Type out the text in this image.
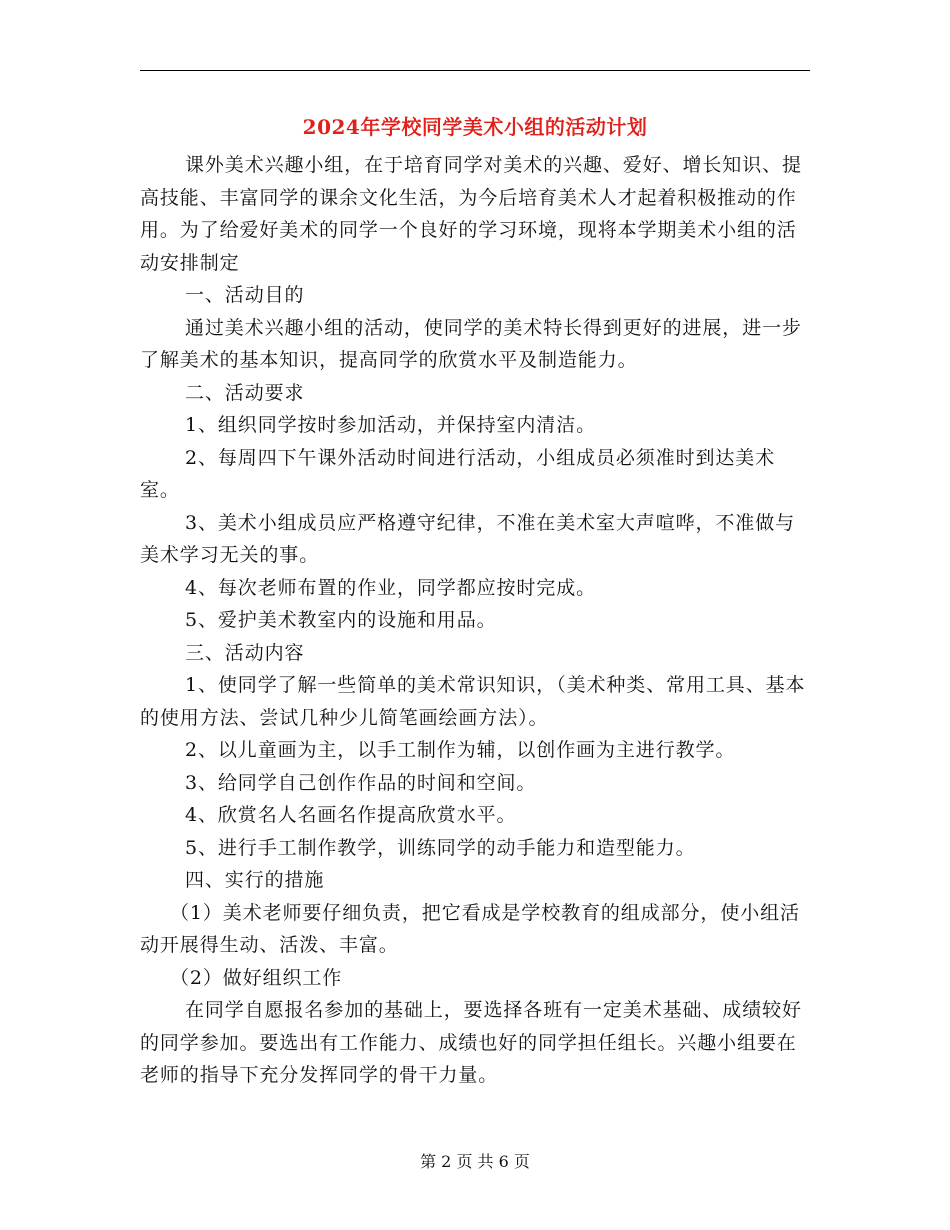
2024年学校同学美术小组的活动计划

课外美术兴趣小组，在于培育同学对美术的兴趣、爱好、增长知识、提高技能、丰富同学的课余文化生活，为今后培育美术人才起着积极推动的作用。为了给爱好美术的同学一个良好的学习环境，现将本学期美术小组的活动安排制定

一、活动目的

通过美术兴趣小组的活动，使同学的美术特长得到更好的进展，进一步了解美术的基本知识，提高同学的欣赏水平及制造能力。

二、活动要求

1、组织同学按时参加活动，并保持室内清洁。

2、每周四下午课外活动时间进行活动，小组成员必须准时到达美术室。

3、美术小组成员应严格遵守纪律，不准在美术室大声喧哗，不准做与美术学习无关的事。

4、每次老师布置的作业，同学都应按时完成。

5、爱护美术教室内的设施和用品。

三、活动内容

1、使同学了解一些简单的美术常识知识，（美术种类、常用工具、基本的使用方法、尝试几种少儿简笔画绘画方法）。

2、以儿童画为主，以手工制作为辅，以创作画为主进行教学。

3、给同学自己创作作品的时间和空间。

4、欣赏名人名画名作提高欣赏水平。

5、进行手工制作教学，训练同学的动手能力和造型能力。

四、实行的措施

（1）美术老师要仔细负责，把它看成是学校教育的组成部分，使小组活动开展得生动、活泼、丰富。

（2）做好组织工作

在同学自愿报名参加的基础上，要选择各班有一定美术基础、成绩较好的同学参加。要选出有工作能力、成绩也好的同学担任组长。兴趣小组要在老师的指导下充分发挥同学的骨干力量。

第 2 页 共 6 页
